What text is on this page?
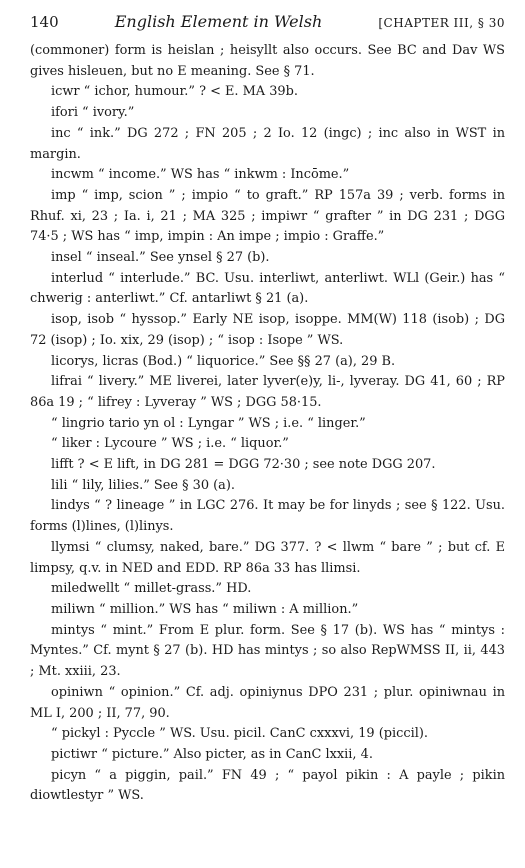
140	English Element in Welsh	[CHAPTER III, § 30

(commoner) form is heislan ; heisyllt also occurs. See BC and Dav WS gives hisleuen, but no E meaning. See § 71.

icwr “ ichor, humour.” ? < E. MA 39b.

ifori “ ivory.”

inc “ ink.” DG 272 ; FN 205 ; 2 Io. 12 (ingc) ; inc also in WST in margin.

incwm “ income.” WS has “ inkwm : Incōme.”

imp “ imp, scion ” ; impio “ to graft.” RP 157a 39 ; verb. forms in Rhuf. xi, 23 ; Ia. i, 21 ; MA 325 ; impiwr “ grafter ” in DG 231 ; DGG 74·5 ; WS has “ imp, impin : An impe ; impio : Graffe.”

insel “ inseal.” See ynsel § 27 (b).

interlud “ interlude.” BC. Usu. interliwt, anterliwt. WLl (Geir.) has “ chwerig : anterliwt.” Cf. antarliwt § 21 (a).

isop, isob “ hyssop.” Early NE isop, isoppe. MM(W) 118 (isob) ; DG 72 (isop) ; Io. xix, 29 (isop) ; “ isop : Isope ” WS.

licorys, licras (Bod.) “ liquorice.” See §§ 27 (a), 29 B.

lifrai “ livery.” ME liverei, later lyver(e)y, li-, lyveray. DG 41, 60 ; RP 86a 19 ; “ lifrey : Lyveray ” WS ; DGG 58·15.

“ lingrio tario yn ol : Lyngar ” WS ; i.e. “ linger.”

“ liker : Lycoure ” WS ; i.e. “ liquor.”

lifft ? < E lift, in DG 281 = DGG 72·30 ; see note DGG 207.

lili “ lily, lilies.” See § 30 (a).

lindys “ ? lineage ” in LGC 276. It may be for linyds ; see § 122. Usu. forms (l)lines, (l)linys.

llymsi “ clumsy, naked, bare.” DG 377. ? < llwm “ bare ” ; but cf. E limpsy, q.v. in NED and EDD. RP 86a 33 has llimsi.

miledwellt “ millet-grass.” HD.

miliwn “ million.” WS has “ miliwn : A million.”

mintys “ mint.” From E plur. form. See § 17 (b). WS has “ mintys : Myntes.” Cf. mynt § 27 (b). HD has mintys ; so also RepWMSS II, ii, 443 ; Mt. xxiii, 23.

opiniwn “ opinion.” Cf. adj. opiniynus DPO 231 ; plur. opiniwnau in ML I, 200 ; II, 77, 90.

“ pickyl : Pyccle ” WS. Usu. picil. CanC cxxxvi, 19 (piccil).

pictiwr “ picture.” Also picter, as in CanC lxxii, 4.

picyn “ a piggin, pail.” FN 49 ; “ payol pikin : A payle ; pikin diowtlestyr ” WS.
